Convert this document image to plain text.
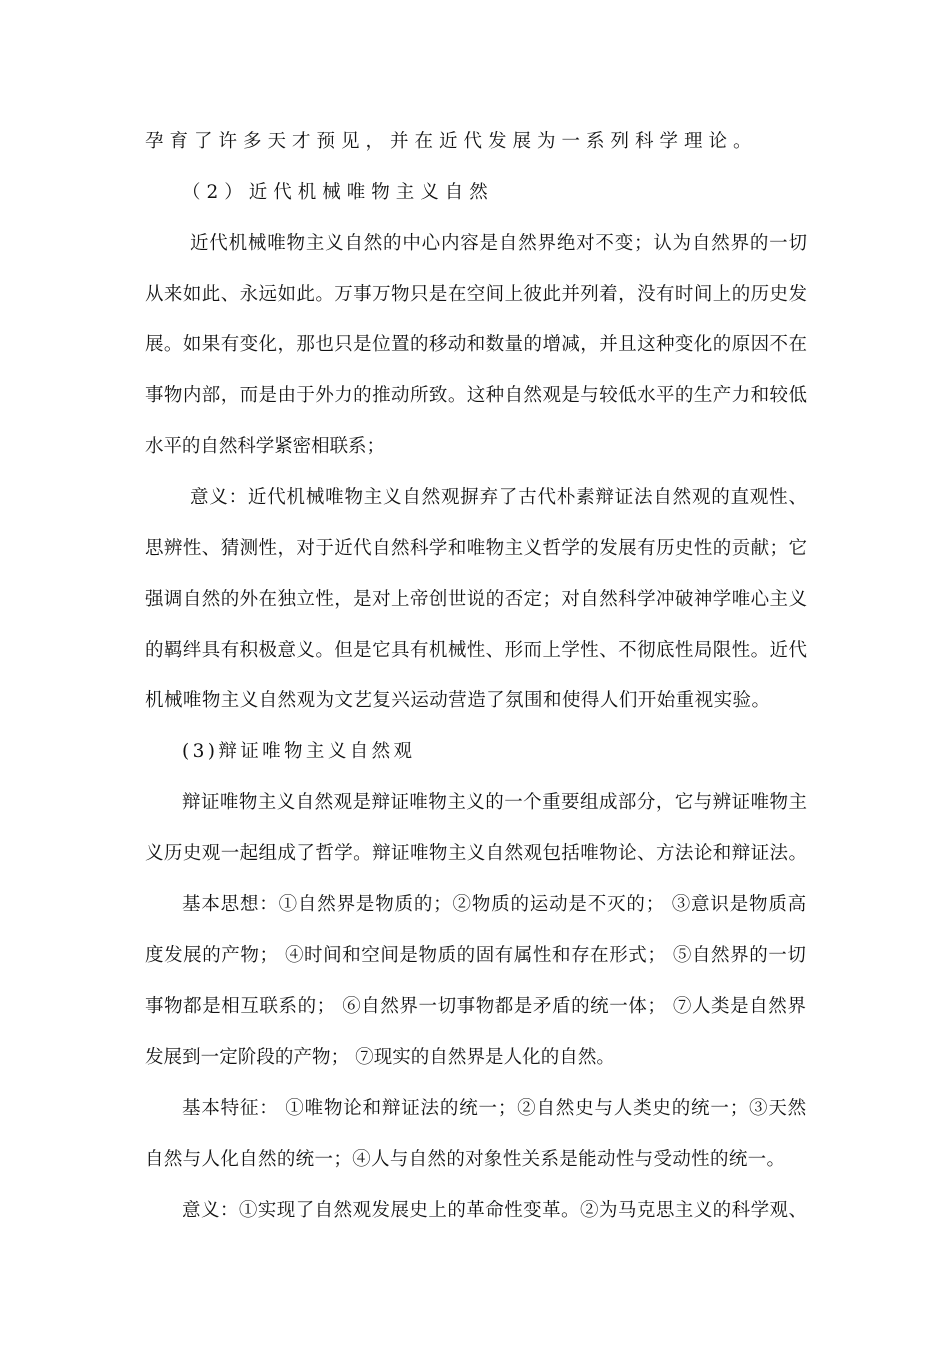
孕育了许多天才预见，并在近代发展为一系列科学理论。
（2）近代机械唯物主义自然
近代机械唯物主义自然的中心内容是自然界绝对不变；认为自然界的一切
从来如此、永远如此。万事万物只是在空间上彼此并列着，没有时间上的历史发
展。如果有变化，那也只是位置的移动和数量的增减，并且这种变化的原因不在
事物内部，而是由于外力的推动所致。这种自然观是与较低水平的生产力和较低
水平的自然科学紧密相联系；
意义：近代机械唯物主义自然观摒弃了古代朴素辩证法自然观的直观性、
思辨性、猜测性，对于近代自然科学和唯物主义哲学的发展有历史性的贡献；它
强调自然的外在独立性，是对上帝创世说的否定；对自然科学冲破神学唯心主义
的羁绊具有积极意义。但是它具有机械性、形而上学性、不彻底性局限性。近代
机械唯物主义自然观为文艺复兴运动营造了氛围和使得人们开始重视实验。
(3)辩证唯物主义自然观
辩证唯物主义自然观是辩证唯物主义的一个重要组成部分，它与辨证唯物主
义历史观一起组成了哲学。辩证唯物主义自然观包括唯物论、方法论和辩证法。
基本思想：①自然界是物质的；②物质的运动是不灭的； ③意识是物质高
度发展的产物； ④时间和空间是物质的固有属性和存在形式； ⑤自然界的一切
事物都是相互联系的； ⑥自然界一切事物都是矛盾的统一体； ⑦人类是自然界
发展到一定阶段的产物； ⑦现实的自然界是人化的自然。
基本特征： ①唯物论和辩证法的统一；②自然史与人类史的统一；③天然
自然与人化自然的统一；④人与自然的对象性关系是能动性与受动性的统一。
意义：①实现了自然观发展史上的革命性变革。②为马克思主义的科学观、
